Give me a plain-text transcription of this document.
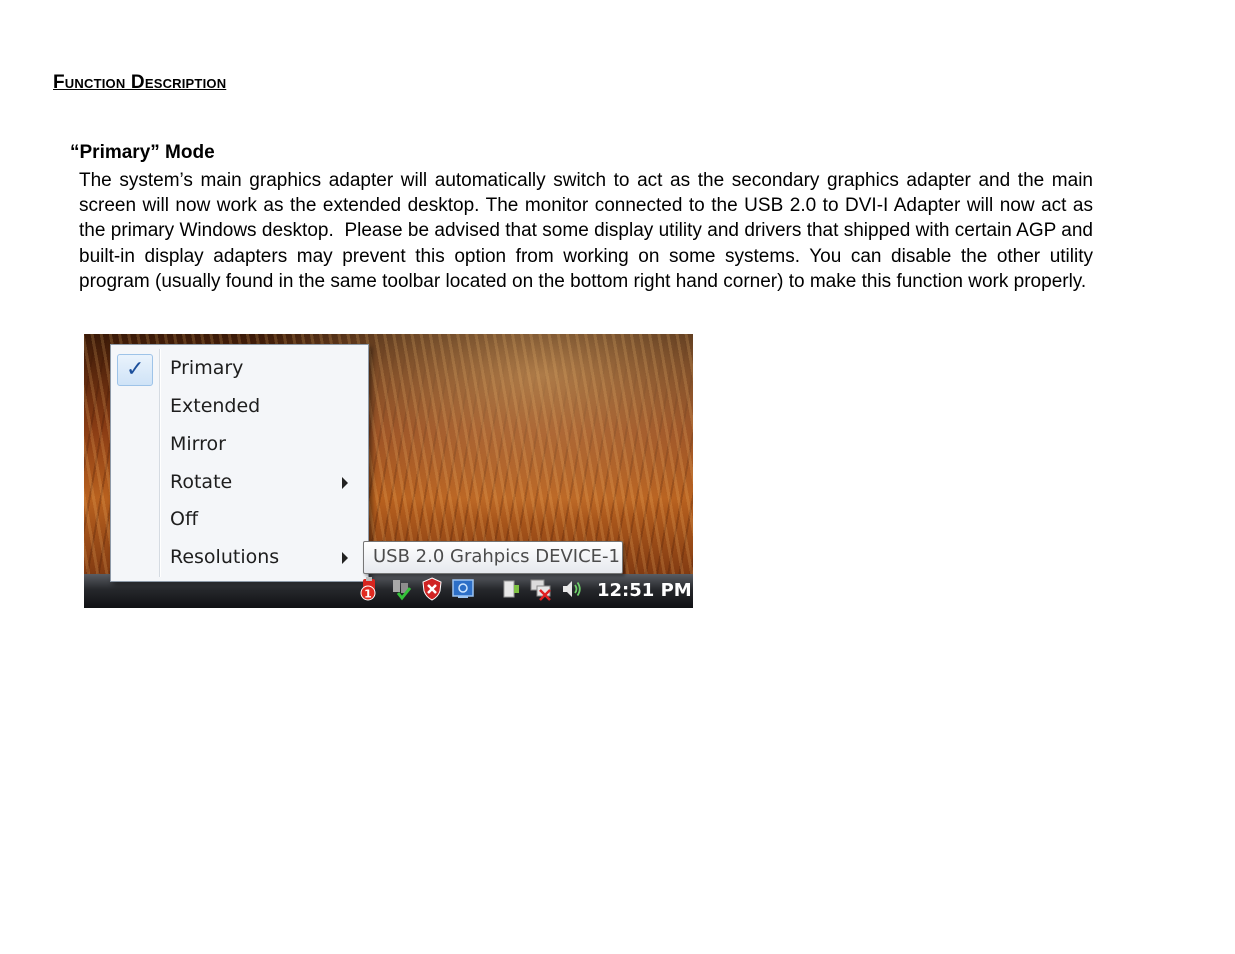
Function Description
“Primary” Mode
The system’s main graphics adapter will automatically switch to act as the secondary graphics adapter and the main screen will now work as the extended desktop. The monitor connected to the USB 2.0 to DVI-I Adapter will now act as the primary Windows desktop.  Please be advised that some display utility and drivers that shipped with certain AGP and built-in display adapters may prevent this option from working on some systems. You can disable the other utility program (usually found in the same toolbar located on the bottom right hand corner) to make this function work properly.
✓ Primary
Extended
Mirror
Rotate
Off
Resolutions	USB 2.0 Grahpics DEVICE-1
1	12:51 PM
